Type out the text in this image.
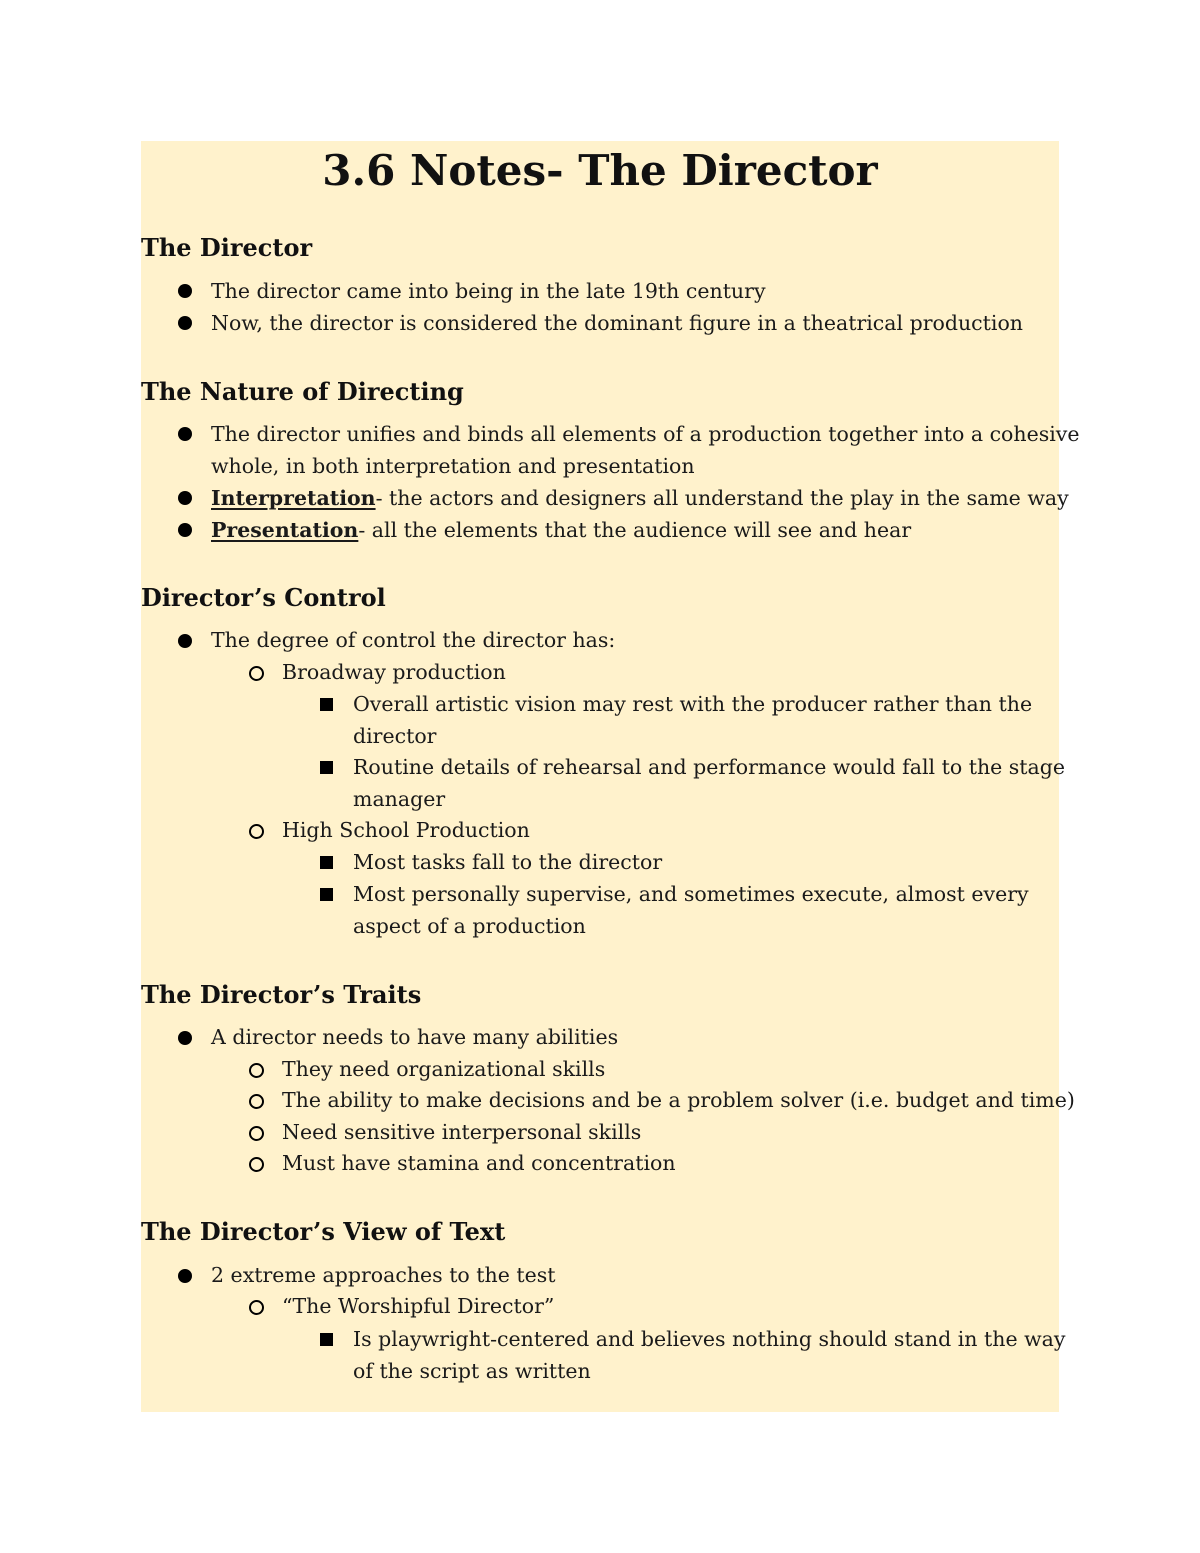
3.6 Notes- The Director
The Director
The director came into being in the late 19th century
Now, the director is considered the dominant figure in a theatrical production
The Nature of Directing
The director unifies and binds all elements of a production together into a cohesive
whole, in both interpretation and presentation
Interpretation- the actors and designers all understand the play in the same way
Presentation- all the elements that the audience will see and hear
Director’s Control
The degree of control the director has:
Broadway production
Overall artistic vision may rest with the producer rather than the
director
Routine details of rehearsal and performance would fall to the stage
manager
High School Production
Most tasks fall to the director
Most personally supervise, and sometimes execute, almost every
aspect of a production
The Director’s Traits
A director needs to have many abilities
They need organizational skills
The ability to make decisions and be a problem solver (i.e. budget and time)
Need sensitive interpersonal skills
Must have stamina and concentration
The Director’s View of Text
2 extreme approaches to the test
“The Worshipful Director”
Is playwright-centered and believes nothing should stand in the way
of the script as written
